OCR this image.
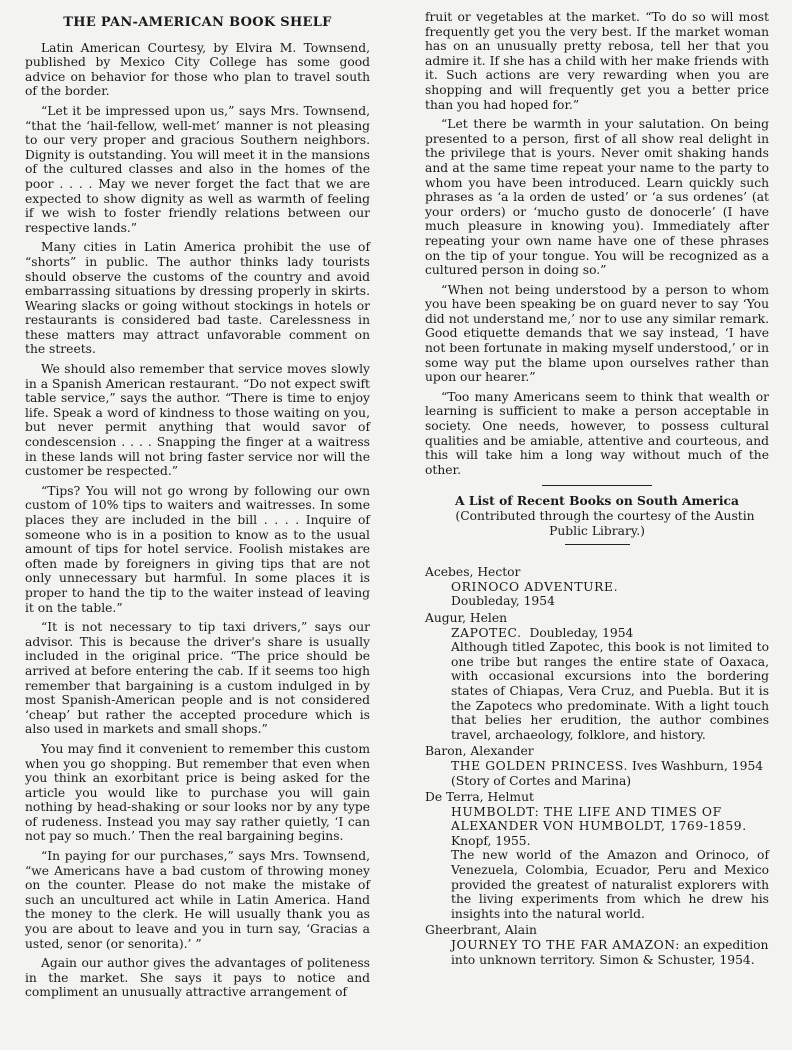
THE PAN-AMERICAN BOOK SHELF

Latin American Courtesy, by Elvira M. Townsend, published by Mexico City College has some good advice on behavior for those who plan to travel south of the border.

“Let it be impressed upon us,” says Mrs. Townsend, “that the ‘hail-fellow, well-met’ manner is not pleasing to our very proper and gracious Southern neighbors. Dignity is outstanding. You will meet it in the mansions of the cultured classes and also in the homes of the poor . . . . May we never forget the fact that we are expected to show dignity as well as warmth of feeling if we wish to foster friendly relations between our respective lands.”

Many cities in Latin America prohibit the use of “shorts” in public. The author thinks lady tourists should observe the customs of the country and avoid embarrassing situations by dressing properly in skirts. Wearing slacks or going without stockings in hotels or restaurants is considered bad taste. Carelessness in these matters may attract unfavorable comment on the streets.

We should also remember that service moves slowly in a Spanish American restaurant. “Do not expect swift table service,” says the author. “There is time to enjoy life. Speak a word of kindness to those waiting on you, but never permit anything that would savor of condescension . . . . Snapping the finger at a waitress in these lands will not bring faster service nor will the customer be respected.”

“Tips? You will not go wrong by following our own custom of 10% tips to waiters and waitresses. In some places they are included in the bill . . . . Inquire of someone who is in a position to know as to the usual amount of tips for hotel service. Foolish mistakes are often made by foreigners in giving tips that are not only unnecessary but harmful. In some places it is proper to hand the tip to the waiter instead of leaving it on the table.”

“It is not necessary to tip taxi drivers,” says our advisor. This is because the driver's share is usually included in the original price. “The price should be arrived at before entering the cab. If it seems too high remember that bargaining is a custom indulged in by most Spanish-American people and is not considered ‘cheap’ but rather the accepted procedure which is also used in markets and small shops.”

You may find it convenient to remember this custom when you go shopping. But remember that even when you think an exorbitant price is being asked for the article you would like to purchase you will gain nothing by head-shaking or sour looks nor by any type of rudeness. Instead you may say rather quietly, ‘I can not pay so much.’ Then the real bargaining begins.

“In paying for our purchases,” says Mrs. Townsend, “we Americans have a bad custom of throwing money on the counter. Please do not make the mistake of such an uncultured act while in Latin America. Hand the money to the clerk. He will usually thank you as you are about to leave and you in turn say, ‘Gracias a usted, senor (or senorita).’ ”

Again our author gives the advantages of politeness in the market. She says it pays to notice and compliment an unusually attractive arrangement of

fruit or vegetables at the market. “To do so will most frequently get you the very best. If the market woman has on an unusually pretty rebosa, tell her that you admire it. If she has a child with her make friends with it. Such actions are very rewarding when you are shopping and will frequently get you a better price than you had hoped for.”

“Let there be warmth in your salutation. On being presented to a person, first of all show real delight in the privilege that is yours. Never omit shaking hands and at the same time repeat your name to the party to whom you have been introduced. Learn quickly such phrases as ‘a la orden de usted’ or ‘a sus ordenes’ (at your orders) or ‘mucho gusto de donocerle’ (I have much pleasure in knowing you). Immediately after repeating your own name have one of these phrases on the tip of your tongue. You will be recognized as a cultured person in doing so.”

“When not being understood by a person to whom you have been speaking be on guard never to say ‘You did not understand me,’ nor to use any similar remark. Good etiquette demands that we say instead, ‘I have not been fortunate in making myself understood,’ or in some way put the blame upon ourselves rather than upon our hearer.”

“Too many Americans seem to think that wealth or learning is sufficient to make a person acceptable in society. One needs, however, to possess cultural qualities and be amiable, attentive and courteous, and this will take him a long way without much of the other.

A List of Recent Books on South America

(Contributed through the courtesy of the Austin Public Library.)

Acebes, Hector
ORINOCO ADVENTURE.
Doubleday, 1954
Augur, Helen
ZAPOTEC. Doubleday, 1954
Although titled Zapotec, this book is not limited to one tribe but ranges the entire state of Oaxaca, with occasional excursions into the bordering states of Chiapas, Vera Cruz, and Puebla. But it is the Zapotecs who predominate. With a light touch that belies her erudition, the author combines travel, archaeology, folklore, and history.
Baron, Alexander
THE GOLDEN PRINCESS. Ives Washburn, 1954
(Story of Cortes and Marina)
De Terra, Helmut
HUMBOLDT: THE LIFE AND TIMES OF ALEXANDER VON HUMBOLDT, 1769-1859.
Knopf, 1955.
The new world of the Amazon and Orinoco, of Venezuela, Colombia, Ecuador, Peru and Mexico provided the greatest of naturalist explorers with the living experiments from which he drew his insights into the natural world.
Gheerbrant, Alain
JOURNEY TO THE FAR AMAZON: an expedition into unknown territory. Simon & Schuster, 1954.
